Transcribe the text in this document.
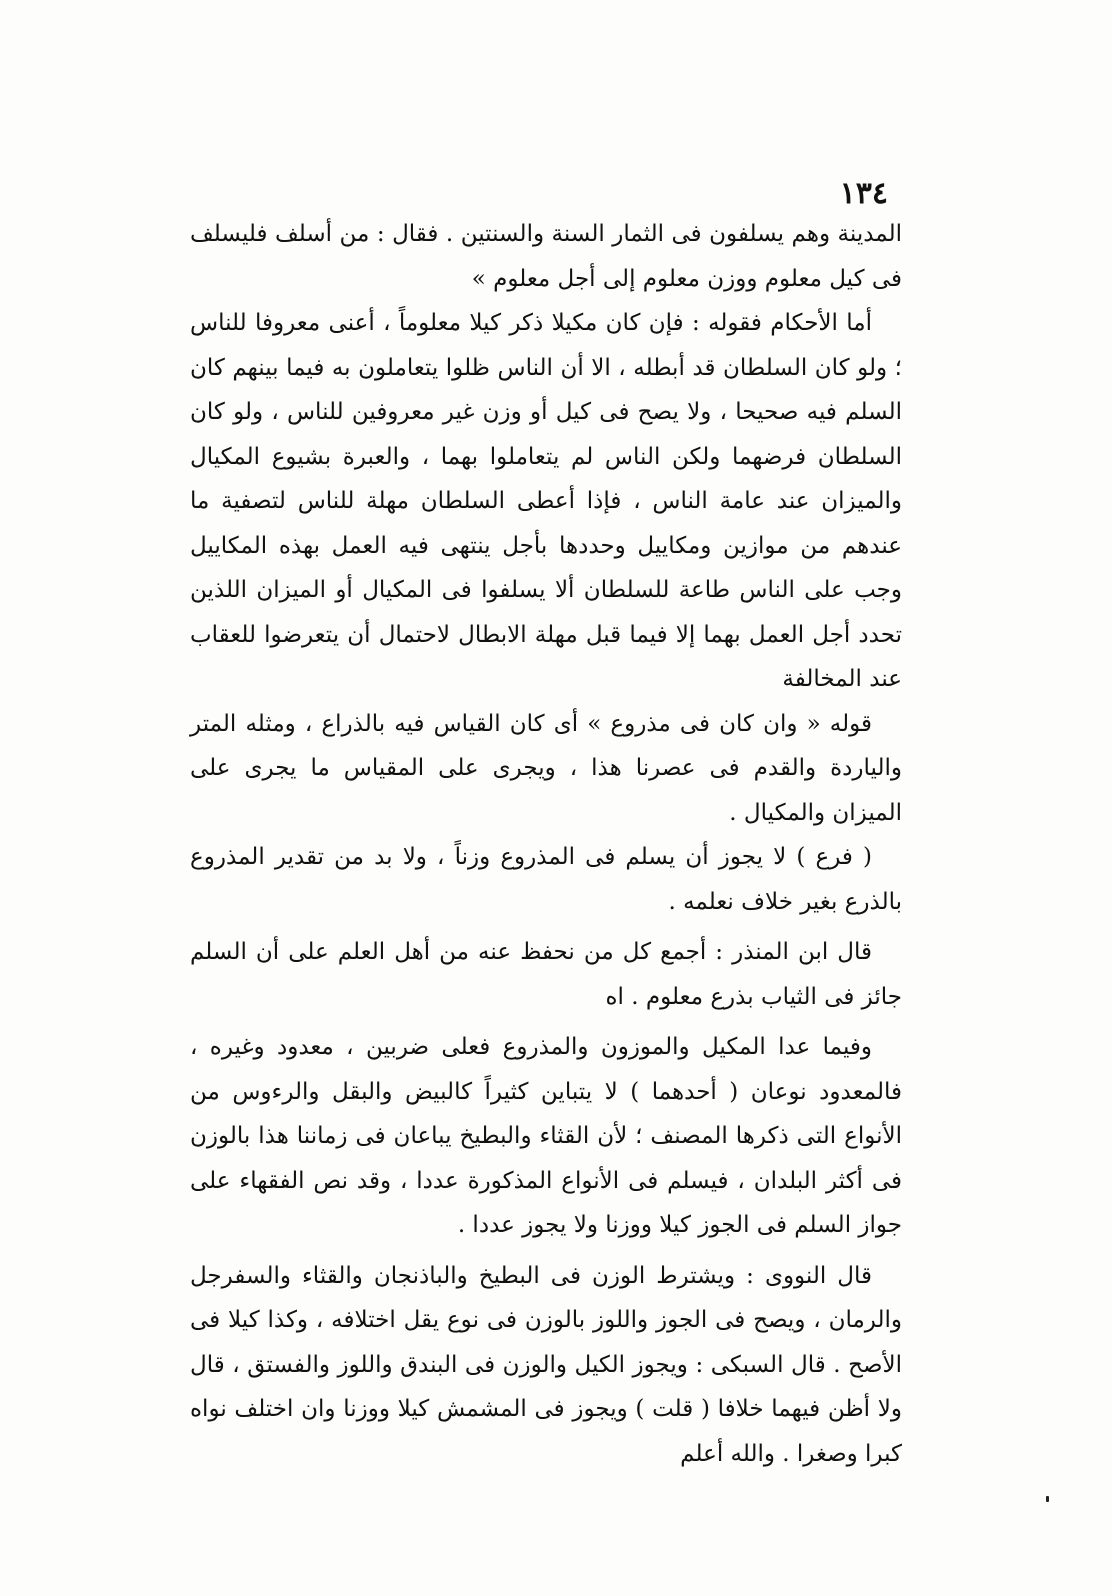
١٣٤

المدينة وهم يسلفون فى الثمار السنة والسنتين . فقال : من أسلف فليسلف فى كيل معلوم ووزن معلوم إلى أجل معلوم »

أما الأحكام فقوله : فإن كان مكيلا ذكر كيلا معلوماً ، أعنى معروفا للناس ؛ ولو كان السلطان قد أبطله ، الا أن الناس ظلوا يتعاملون به فيما بينهم كان السلم فيه صحيحا ، ولا يصح فى كيل أو وزن غير معروفين للناس ، ولو كان السلطان فرضهما ولكن الناس لم يتعاملوا بهما ، والعبرة بشيوع المكيال والميزان عند عامة الناس ، فإذا أعطى السلطان مهلة للناس لتصفية ما عندهم من موازين ومكاييل وحددها بأجل ينتهى فيه العمل بهذه المكاييل وجب على الناس طاعة للسلطان ألا يسلفوا فى المكيال أو الميزان اللذين تحدد أجل العمل بهما إلا فيما قبل مهلة الابطال لاحتمال أن يتعرضوا للعقاب عند المخالفة

قوله « وان كان فى مذروع » أى كان القياس فيه بالذراع ، ومثله المتر والياردة والقدم فى عصرنا هذا ، ويجرى على المقياس ما يجرى على الميزان والمكيال .

( فرع ) لا يجوز أن يسلم فى المذروع وزناً ، ولا بد من تقدير المذروع بالذرع بغير خلاف نعلمه .

قال ابن المنذر : أجمع كل من نحفظ عنه من أهل العلم على أن السلم جائز فى الثياب بذرع معلوم . اه

وفيما عدا المكيل والموزون والمذروع فعلى ضربين ، معدود وغيره ، فالمعدود نوعان ( أحدهما ) لا يتباين كثيراً كالبيض والبقل والرءوس من الأنواع التى ذكرها المصنف ؛ لأن القثاء والبطيخ يباعان فى زماننا هذا بالوزن فى أكثر البلدان ، فيسلم فى الأنواع المذكورة عددا ، وقد نص الفقهاء على جواز السلم فى الجوز كيلا ووزنا ولا يجوز عددا .

قال النووى : ويشترط الوزن فى البطيخ والباذنجان والقثاء والسفرجل والرمان ، ويصح فى الجوز واللوز بالوزن فى نوع يقل اختلافه ، وكذا كيلا فى الأصح . قال السبكى : ويجوز الكيل والوزن فى البندق واللوز والفستق ، قال ولا أظن فيهما خلافا ( قلت ) ويجوز فى المشمش كيلا ووزنا وان اختلف نواه كبرا وصغرا . والله أعلم
